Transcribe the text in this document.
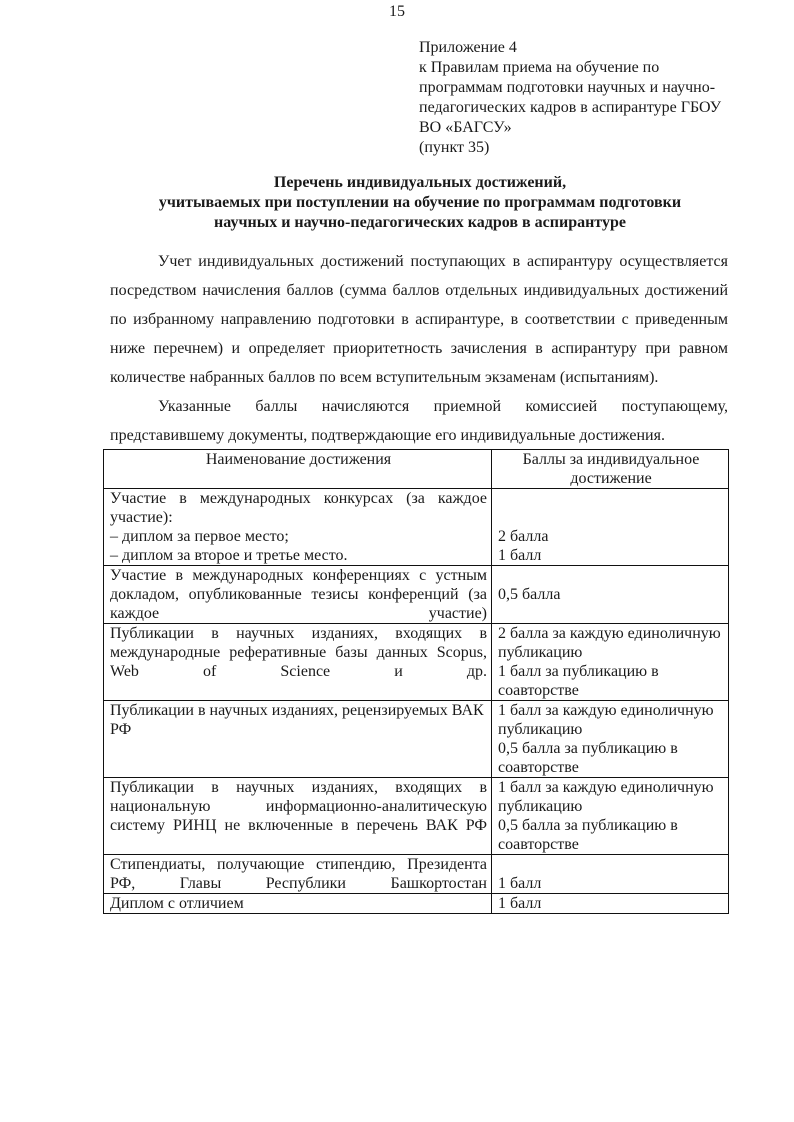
15
Приложение 4
к Правилам приема на обучение по
программам подготовки научных и научно-
педагогических кадров в аспирантуре ГБОУ
ВО «БАГСУ»
(пункт 35)
Перечень индивидуальных достижений,
учитываемых при поступлении на обучение по программам подготовки
научных и научно-педагогических кадров в аспирантуре

Учет индивидуальных достижений поступающих в аспирантуру осуществляется посредством начисления баллов (сумма баллов отдельных индивидуальных достижений по избранному направлению подготовки в аспирантуре, в соответствии с приведенным ниже перечнем) и определяет приоритетность зачисления в аспирантуру при равном количестве набранных баллов по всем вступительным экзаменам (испытаниям).

Указанные баллы начисляются приемной комиссией поступающему, представившему документы, подтверждающие его индивидуальные достижения.

Наименование достижения	Баллы за индивидуальное достижение

Участие в международных конкурсах (за каждое участие):
– диплом за первое место;
– диплом за второе и третье место.	2 балла
1 балл

Участие в международных конференциях с устным докладом, опубликованные тезисы конференций (за каждое участие)	0,5 балла

Публикации в научных изданиях, входящих в международные реферативные базы данных Scopus, Web of Science и др.	2 балла за каждую единоличную публикацию
1 балл за публикацию в соавторстве

Публикации в научных изданиях, рецензируемых ВАК РФ	1 балл за каждую единоличную публикацию
0,5 балла за публикацию в соавторстве

Публикации в научных изданиях, входящих в национальную информационно-аналитическую систему РИНЦ не включенные в перечень ВАК РФ	1 балл за каждую единоличную публикацию
0,5 балла за публикацию в соавторстве

Стипендиаты, получающие стипендию, Президента РФ, Главы Республики Башкортостан	1 балл

Диплом с отличием	1 балл
